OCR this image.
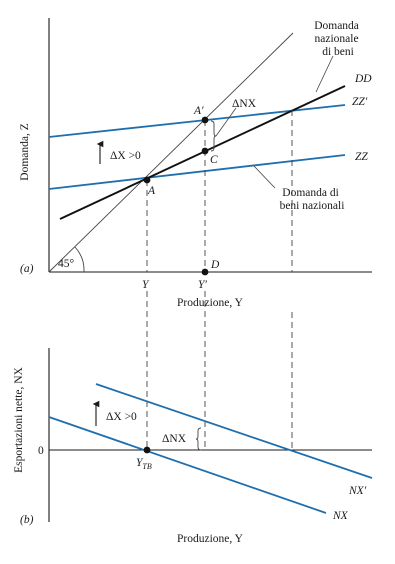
45°
ΔNX
ΔX >0
A
A′
C
D
DD
ZZ′
ZZ
Domanda nazionale di beni
Domanda di beni nazionali
Domanda, Z
Y	Y′
Produzione, Y
(a)
$Y_{TB}$
ΔX >0
ΔNX
NX′
NX
0
Esportazioni nette, NX
Produzione, Y
(b)
